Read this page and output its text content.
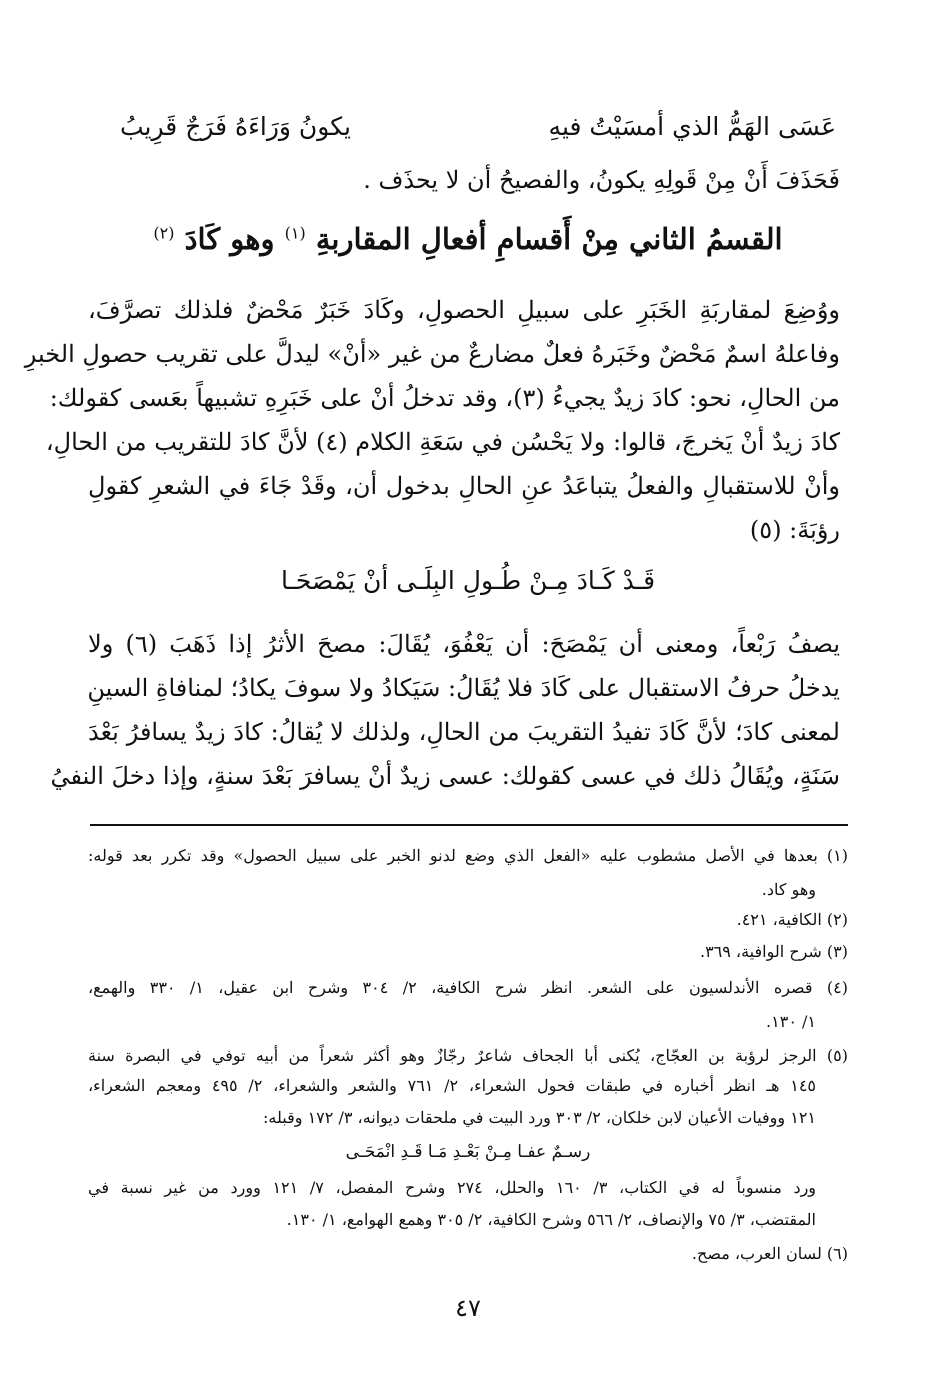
عَسَى الهَمُّ الذي أمسَيْتُ فيهِ
يكونُ وَرَاءَهُ فَرَجٌ قَرِيبُ
فَحَذَفَ أَنْ مِنْ قَولِهِ يكونُ، والفصيحُ أن لا يحذَف .
القسمُ الثاني مِنْ أَقسامِ أفعالِ المقاربةِ $^{(١)}$ وهو كَادَ $^{(٢)}$
ووُضِعَ لمقاربَةِ الخَبَرِ على سبيلِ الحصولِ، وكَادَ خَبَرٌ مَحْضٌ فلذلك تصرَّفَ،
وفاعلهُ اسمٌ مَحْضٌ وخَبَرهُ فعلٌ مضارعٌ من غير «أنْ» ليدلَّ على تقريب حصولِ الخبرِ
من الحالِ، نحو: كادَ زيدٌ يجيءُ (٣)، وقد تدخلُ أنْ على خَبَرِهِ تشبيهاً بعَسى كقولك:
كادَ زيدٌ أنْ يَخرجَ، قالوا: ولا يَحْسُن في سَعَةِ الكلام (٤) لأنَّ كادَ للتقريب من الحالِ،
وأنْ للاستقبالِ والفعلُ يتباعَدُ عنِ الحالِ بدخول أن، وقَدْ جَاءَ في الشعرِ كقولِ
رؤبَةَ: (٥)
قَـدْ كَـادَ مِـنْ طُـولِ البِلَـى أنْ يَمْصَحَـا
يصفُ رَبْعاً، ومعنى أن يَمْصَحَ: أن يَعْفُوَ، يُقَالَ: مصحَ الأثرُ إذا ذَهَبَ (٦) ولا
يدخلُ حرفُ الاستقبال على كَادَ فلا يُقَالُ: سَيَكادُ ولا سوفَ يكادُ؛ لمنافاةِ السينِ
لمعنى كادَ؛ لأنَّ كَادَ تفيدُ التقريبَ من الحالِ، ولذلك لا يُقالُ: كادَ زيدٌ يسافرُ بَعْدَ
سَنَةٍ، ويُقَالُ ذلك في عسى كقولك: عسى زيدٌ أنْ يسافرَ بَعْدَ سنةٍ، وإذا دخلَ النفيُ
(١) بعدها في الأصل مشطوب عليه «الفعل الذي وضع لدنو الخبر على سبيل الحصول» وقد تكرر بعد قوله:
وهو كاد.
(٢) الكافية، ٤٢١.
(٣) شرح الوافية، ٣٦٩.
(٤) قصره الأندلسيون على الشعر. انظر شرح الكافية، ٢/ ٣٠٤ وشرح ابن عقيل، ١/ ٣٣٠ والهمع،
١/ ١٣٠.
(٥) الرجز لرؤبة بن العجّاج، يُكنى أبا الجحاف شاعرٌ رجّازٌ وهو أكثر شعراً من أبيه توفي في البصرة سنة
١٤٥ هـ انظر أخباره في طبقات فحول الشعراء، ٢/ ٧٦١ والشعر والشعراء، ٢/ ٤٩٥ ومعجم الشعراء،
١٢١ ووفيات الأعيان لابن خلكان، ٢/ ٣٠٣ ورد البيت في ملحقات ديوانه، ٣/ ١٧٢ وقبله:
رسـمٌ عفـا مِـنْ بَعْـدِ مَـا قَـدِ انْمَحَـى
ورد منسوباً له في الكتاب، ٣/ ١٦٠ والحلل، ٢٧٤ وشرح المفصل، ٧/ ١٢١ وورد من غير نسبة في
المقتضب، ٣/ ٧٥ والإنصاف، ٢/ ٥٦٦ وشرح الكافية، ٢/ ٣٠٥ وهمع الهوامع، ١/ ١٣٠.
(٦) لسان العرب، مصح.
٤٧
